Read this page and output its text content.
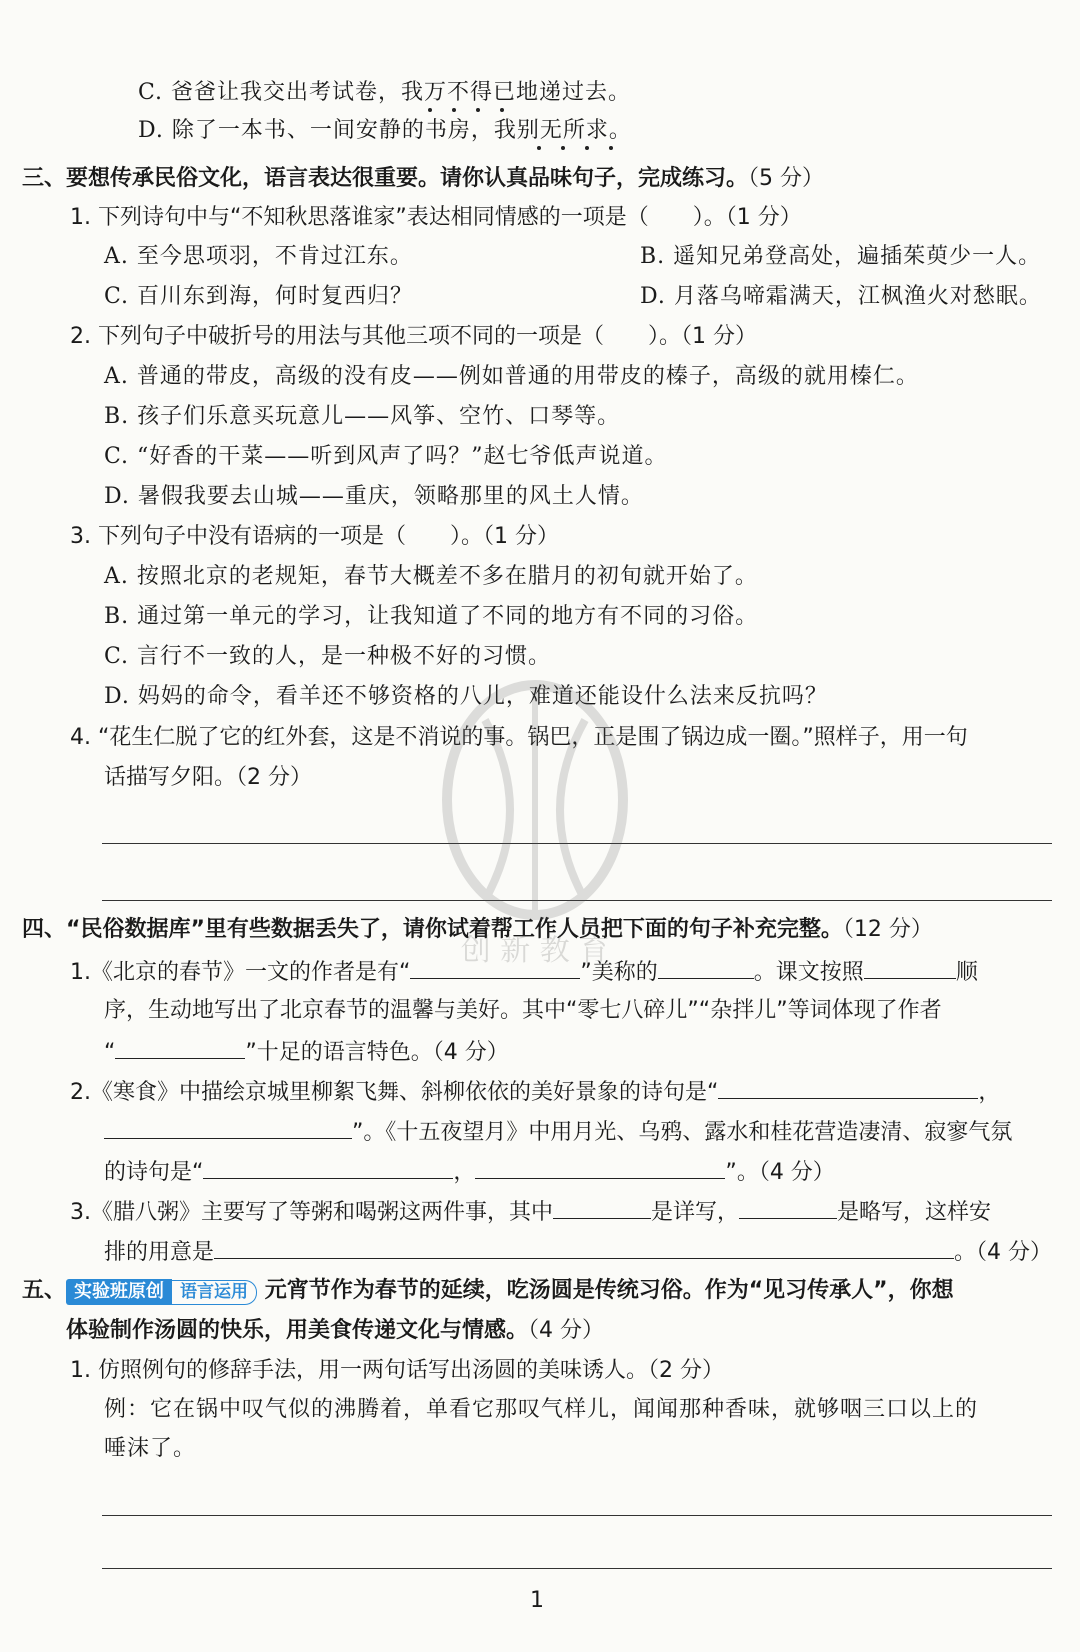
C. 爸爸让我交出考试卷，我万不得已地递过去。
D. 除了一本书、一间安静的书房，我别无所求。
三、要想传承民俗文化，语言表达很重要。请你认真品味句子，完成练习。（5 分）
1. 下列诗句中与“不知秋思落谁家”表达相同情感的一项是（　　）。（1 分）
A. 至今思项羽，不肯过江东。	B. 遥知兄弟登高处，遍插茱萸少一人。
C. 百川东到海，何时复西归？	D. 月落乌啼霜满天，江枫渔火对愁眠。
2. 下列句子中破折号的用法与其他三项不同的一项是（　　）。（1 分）
A. 普通的带皮，高级的没有皮——例如普通的用带皮的榛子，高级的就用榛仁。
B. 孩子们乐意买玩意儿——风筝、空竹、口琴等。
C. “好香的干菜——听到风声了吗？”赵七爷低声说道。
D. 暑假我要去山城——重庆，领略那里的风土人情。
3. 下列句子中没有语病的一项是（　　）。（1 分）
A. 按照北京的老规矩，春节大概差不多在腊月的初旬就开始了。
B. 通过第一单元的学习，让我知道了不同的地方有不同的习俗。
C. 言行不一致的人，是一种极不好的习惯。
D. 妈妈的命令，看羊还不够资格的八儿，难道还能设什么法来反抗吗？
4. “花生仁脱了它的红外套，这是不消说的事。锅巴，正是围了锅边成一圈。”照样子，用一句
话描写夕阳。（2 分）
四、“民俗数据库”里有些数据丢失了，请你试着帮工作人员把下面的句子补充完整。（12 分）
1.《北京的春节》一文的作者是有“	”美称的	。课文按照	顺
序，生动地写出了北京春节的温馨与美好。其中“零七八碎儿”“杂拌儿”等词体现了作者
“	”十足的语言特色。（4 分）
2.《寒食》中描绘京城里柳絮飞舞、斜柳依依的美好景象的诗句是“	，
”。《十五夜望月》中用月光、乌鸦、露水和桂花营造凄清、寂寥气氛
的诗句是“	，	”。（4 分）
3.《腊八粥》主要写了等粥和喝粥这两件事，其中	是详写，	是略写，这样安
排的用意是	。（4 分）
五、 实验班原创 语言运用 元宵节作为春节的延续，吃汤圆是传统习俗。作为“见习传承人”，你想
体验制作汤圆的快乐，用美食传递文化与情感。（4 分）
1. 仿照例句的修辞手法，用一两句话写出汤圆的美味诱人。（2 分）
例：它在锅中叹气似的沸腾着，单看它那叹气样儿，闻闻那种香味，就够咽三口以上的
唾沫了。
创 新 教 育
1
